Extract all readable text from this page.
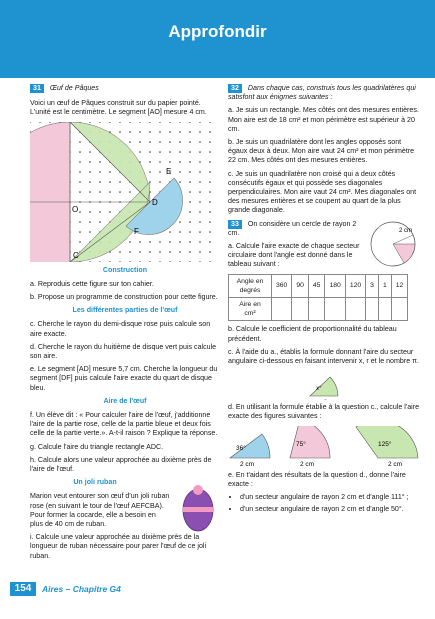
Approfondir

31 Œuf de Pâques

Voici un œuf de Pâques construit sur du papier pointé. L'unité est le centimètre. Le segment [AO] mesure 4 cm.

O
C
D
E
F
Construction

a. Reproduis cette figure sur ton cahier.

b. Propose un programme de construction pour cette figure.

Les différentes parties de l'œuf

c. Cherche le rayon du demi-disque rose puis calcule son aire exacte.

d. Cherche le rayon du huitième de disque vert puis calcule son aire.

e. Le segment [AD] mesure 5,7 cm. Cherche la longueur du segment [DF] puis calcule l'aire exacte du quart de disque bleu.

Aire de l'œuf

f. Un élève dit : « Pour calculer l'aire de l'œuf, j'additionne l'aire de la partie rose, celle de la partie bleue et deux fois celle de la partie verte.». A-t-il raison ? Explique ta réponse.

g. Calcule l'aire du triangle rectangle ADC.

h. Calcule alors une valeur approchée au dixième près de l'aire de l'œuf.

Un joli ruban

Marion veut entourer son œuf d'un joli ruban rose (en suivant le tour de l'œuf AEFCBA). Pour former la cocarde, elle a besoin en plus de 40 cm de ruban.

i. Calcule une valeur approchée au dixième près de la longueur de ruban nécessaire pour parer l'œuf de ce joli ruban.

32 Dans chaque cas, construis tous les quadrilatères qui satisfont aux énigmes suivantes :

a. Je suis un rectangle. Mes côtés ont des mesures entières. Mon aire est de 18 cm² et mon périmètre est supérieur à 20 cm.

b. Je suis un quadrilatère dont les angles opposés sont égaux deux à deux. Mon aire vaut 24 cm² et mon périmètre 22 cm. Mes côtés ont des mesures entières.

c. Je suis un quadrilatère non croisé qui a deux côtés consécutifs égaux et qui possède ses diagonales perpendiculaires. Mon aire vaut 24 cm². Mes diagonales ont des mesures entières et se coupent au quart de la plus grande diagonale.

33 On considère un cercle de rayon 2 cm.

a. Calcule l'aire exacte de chaque secteur circulaire dont l'angle est donné dans le tableau suivant :

2 cm
Angle en degrés	360	90	45	180	120	3	1	12
Aire en cm²								

b. Calcule le coefficient de proportionnalité du tableau précédent.

c. À l'aide du a., établis la formule donnant l'aire du secteur angulaire ci-dessous en faisant intervenir x, r et le nombre π.

x°

d. En utilisant la formule établie à la question c., calcule l'aire exacte des figures suivantes :

36°
2 cm
75°
2 cm
125°
2 cm

e. En t'aidant des résultats de la question d., donne l'aire exacte :

• d'un secteur angulaire de rayon 2 cm et d'angle 111° ;
• d'un secteur angulaire de rayon 2 cm et d'angle 50°.
154	Aires – Chapitre G4
